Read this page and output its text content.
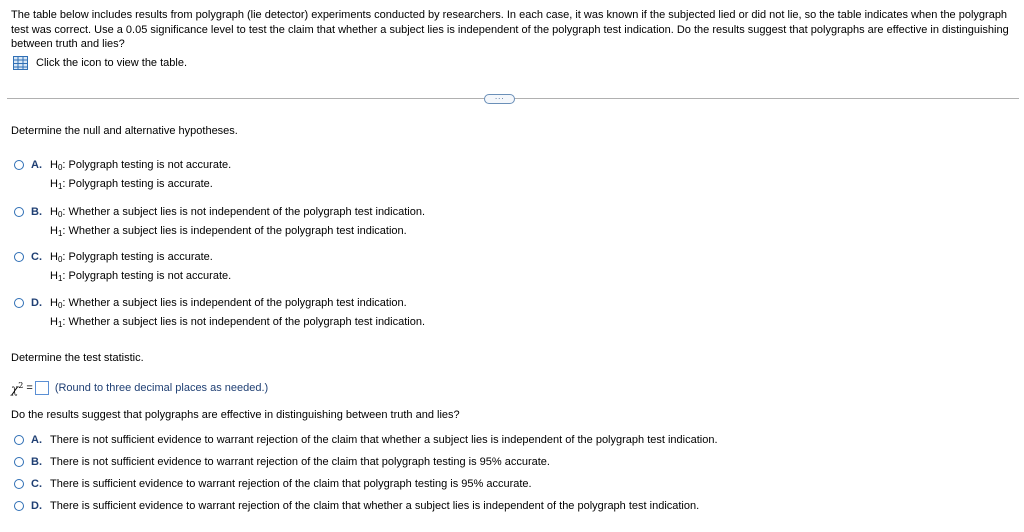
The table below includes results from polygraph (lie detector) experiments conducted by researchers. In each case, it was known if the subjected lied or did not lie, so the table indicates when the polygraph test was correct. Use a 0.05 significance level to test the claim that whether a subject lies is independent of the polygraph test indication. Do the results suggest that polygraphs are effective in distinguishing between truth and lies?
Click the icon to view the table.
···
Determine the null and alternative hypotheses.
A. $H_0$: Polygraph testing is not accurate.
$H_1$: Polygraph testing is accurate.
B. $H_0$: Whether a subject lies is not independent of the polygraph test indication.
$H_1$: Whether a subject lies is independent of the polygraph test indication.
C. $H_0$: Polygraph testing is accurate.
$H_1$: Polygraph testing is not accurate.
D. $H_0$: Whether a subject lies is independent of the polygraph test indication.
$H_1$: Whether a subject lies is not independent of the polygraph test indication.
Determine the test statistic.
$\chi^2$ = (Round to three decimal places as needed.)
Do the results suggest that polygraphs are effective in distinguishing between truth and lies?
A. There is not sufficient evidence to warrant rejection of the claim that whether a subject lies is independent of the polygraph test indication.
B. There is not sufficient evidence to warrant rejection of the claim that polygraph testing is 95% accurate.
C. There is sufficient evidence to warrant rejection of the claim that polygraph testing is 95% accurate.
D. There is sufficient evidence to warrant rejection of the claim that whether a subject lies is independent of the polygraph test indication.
